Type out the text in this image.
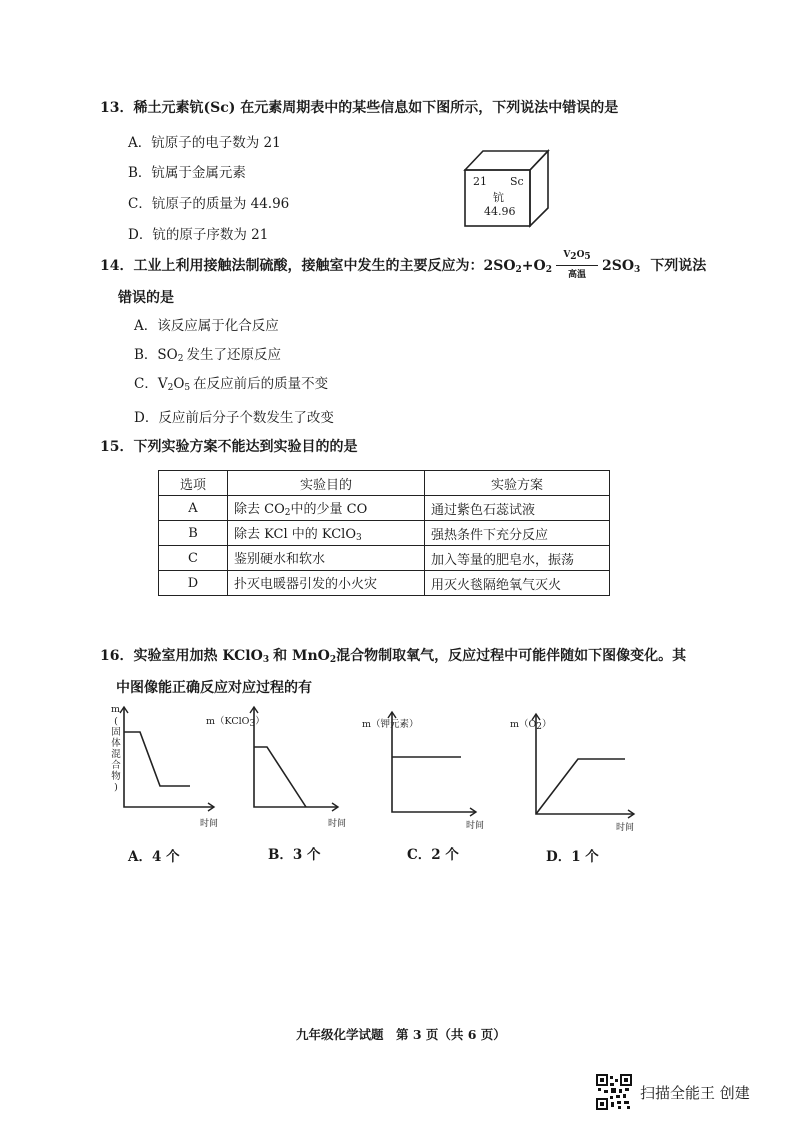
13．稀土元素钪(Sc) 在元素周期表中的某些信息如下图所示，下列说法中错误的是
A．钪原子的电子数为 21
B．钪属于金属元素
C．钪原子的质量为 44.96
D．钪的原子序数为 21
21 Sc
钪
44.96
14．工业上利用接触法制硫酸，接触室中发生的主要反应为：$2SO_2+O_2 \frac{V2O5}{\text{高温}} 2SO_3$ 下列说法
错误的是
A．该反应属于化合反应
B．$SO_2$ 发生了还原反应
C．$V_2O_5$ 在反应前后的质量不变
D．反应前后分子个数发生了改变
15．下列实验方案不能达到实验目的的是
选项	实验目的	实验方案
A	除去 $CO_2$中的少量 CO	通过紫色石蕊试液
B	除去 KCl 中的 KClO$_3$	强热条件下充分反应
C	鉴别硬水和软水	加入等量的肥皂水，振荡
D	扑灭电暖器引发的小火灾	用灭火毯隔绝氧气灭火
16．实验室用加热 KClO$_3$ 和 MnO$_2$混合物制取氧气，反应过程中可能伴随如下图像变化。其
中图像能正确反应对应过程的有
m
(
固
体
混
合
物
)
时间
m（KClO3）
时间
m（钾元素）
时间
m（O2）
时间
A．4 个	B．3 个	C．2 个	D．1 个
九年级化学试题　第 3 页（共 6 页）
扫描全能王 创建
